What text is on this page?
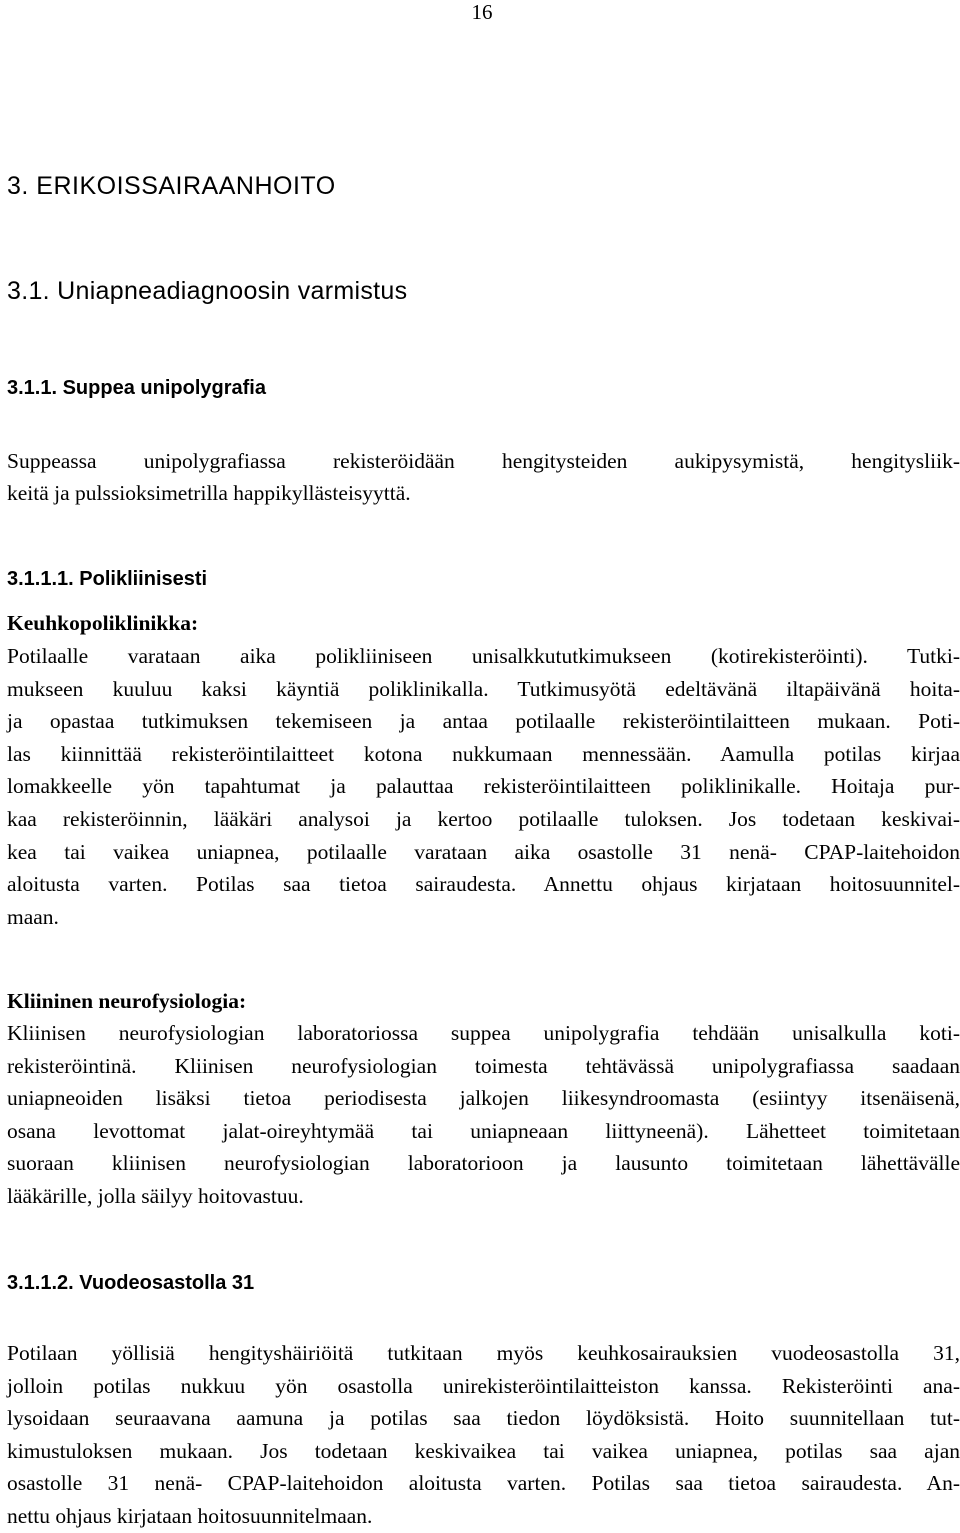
16
3. ERIKOISSAIRAANHOITO
3.1. Uniapneadiagnoosin varmistus
3.1.1. Suppea unipolygrafia
Suppeassa unipolygrafiassa rekisteröidään hengitysteiden aukipysymistä, hengitysliik-
keitä ja pulssioksimetrilla happikyllästeisyyttä.
3.1.1.1. Polikliinisesti
Keuhkopoliklinikka:
Potilaalle varataan aika polikliiniseen unisalkkututkimukseen (kotirekisteröinti). Tutki-
mukseen kuuluu kaksi käyntiä poliklinikalla. Tutkimusyötä edeltävänä iltapäivänä hoita-
ja opastaa tutkimuksen tekemiseen ja antaa potilaalle rekisteröintilaitteen mukaan. Poti-
las kiinnittää rekisteröintilaitteet kotona nukkumaan mennessään. Aamulla potilas kirjaa
lomakkeelle yön tapahtumat ja palauttaa rekisteröintilaitteen poliklinikalle. Hoitaja pur-
kaa rekisteröinnin, lääkäri analysoi ja kertoo potilaalle tuloksen. Jos todetaan keskivai-
kea tai vaikea uniapnea, potilaalle varataan aika osastolle 31 nenä- CPAP-laitehoidon
aloitusta varten. Potilas saa tietoa sairaudesta. Annettu ohjaus kirjataan hoitosuunnitel-
maan.
Kliininen neurofysiologia:
Kliinisen neurofysiologian laboratoriossa suppea unipolygrafia tehdään unisalkulla koti-
rekisteröintinä. Kliinisen neurofysiologian toimesta tehtävässä unipolygrafiassa saadaan
uniapneoiden lisäksi tietoa periodisesta jalkojen liikesyndroomasta (esiintyy itsenäisenä,
osana levottomat jalat-oireyhtymää tai uniapneaan liittyneenä). Lähetteet toimitetaan
suoraan kliinisen neurofysiologian laboratorioon ja lausunto toimitetaan lähettävälle
lääkärille, jolla säilyy hoitovastuu.
3.1.1.2. Vuodeosastolla 31
Potilaan yöllisiä hengityshäiriöitä tutkitaan myös keuhkosairauksien vuodeosastolla 31,
jolloin potilas nukkuu yön osastolla unirekisteröintilaitteiston kanssa. Rekisteröinti ana-
lysoidaan seuraavana aamuna ja potilas saa tiedon löydöksistä. Hoito suunnitellaan tut-
kimustuloksen mukaan. Jos todetaan keskivaikea tai vaikea uniapnea, potilas saa ajan
osastolle 31 nenä- CPAP-laitehoidon aloitusta varten. Potilas saa tietoa sairaudesta. An-
nettu ohjaus kirjataan hoitosuunnitelmaan.
